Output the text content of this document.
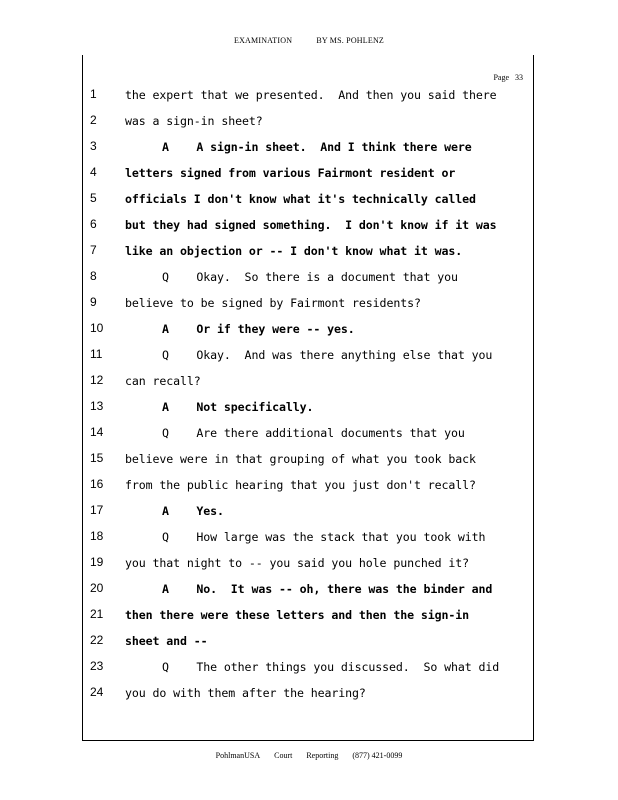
EXAMINATION	BY MS. POHLENZ
Page 33
1	the expert that we presented.  And then you said there
2	was a sign-in sheet?
3	A    A sign-in sheet.  And I think there were
4	letters signed from various Fairmont resident or
5	officials I don't know what it's technically called
6	but they had signed something.  I don't know if it was
7	like an objection or -- I don't know what it was.
8	Q    Okay.  So there is a document that you
9	believe to be signed by Fairmont residents?
10	A    Or if they were -- yes.
11	Q    Okay.  And was there anything else that you
12	can recall?
13	A    Not specifically.
14	Q    Are there additional documents that you
15	believe were in that grouping of what you took back
16	from the public hearing that you just don't recall?
17	A    Yes.
18	Q    How large was the stack that you took with
19	you that night to -- you said you hole punched it?
20	A    No.  It was -- oh, there was the binder and
21	then there were these letters and then the sign-in
22	sheet and --
23	Q    The other things you discussed.  So what did
24	you do with them after the hearing?
PohlmanUSA Court Reporting (877) 421-0099
